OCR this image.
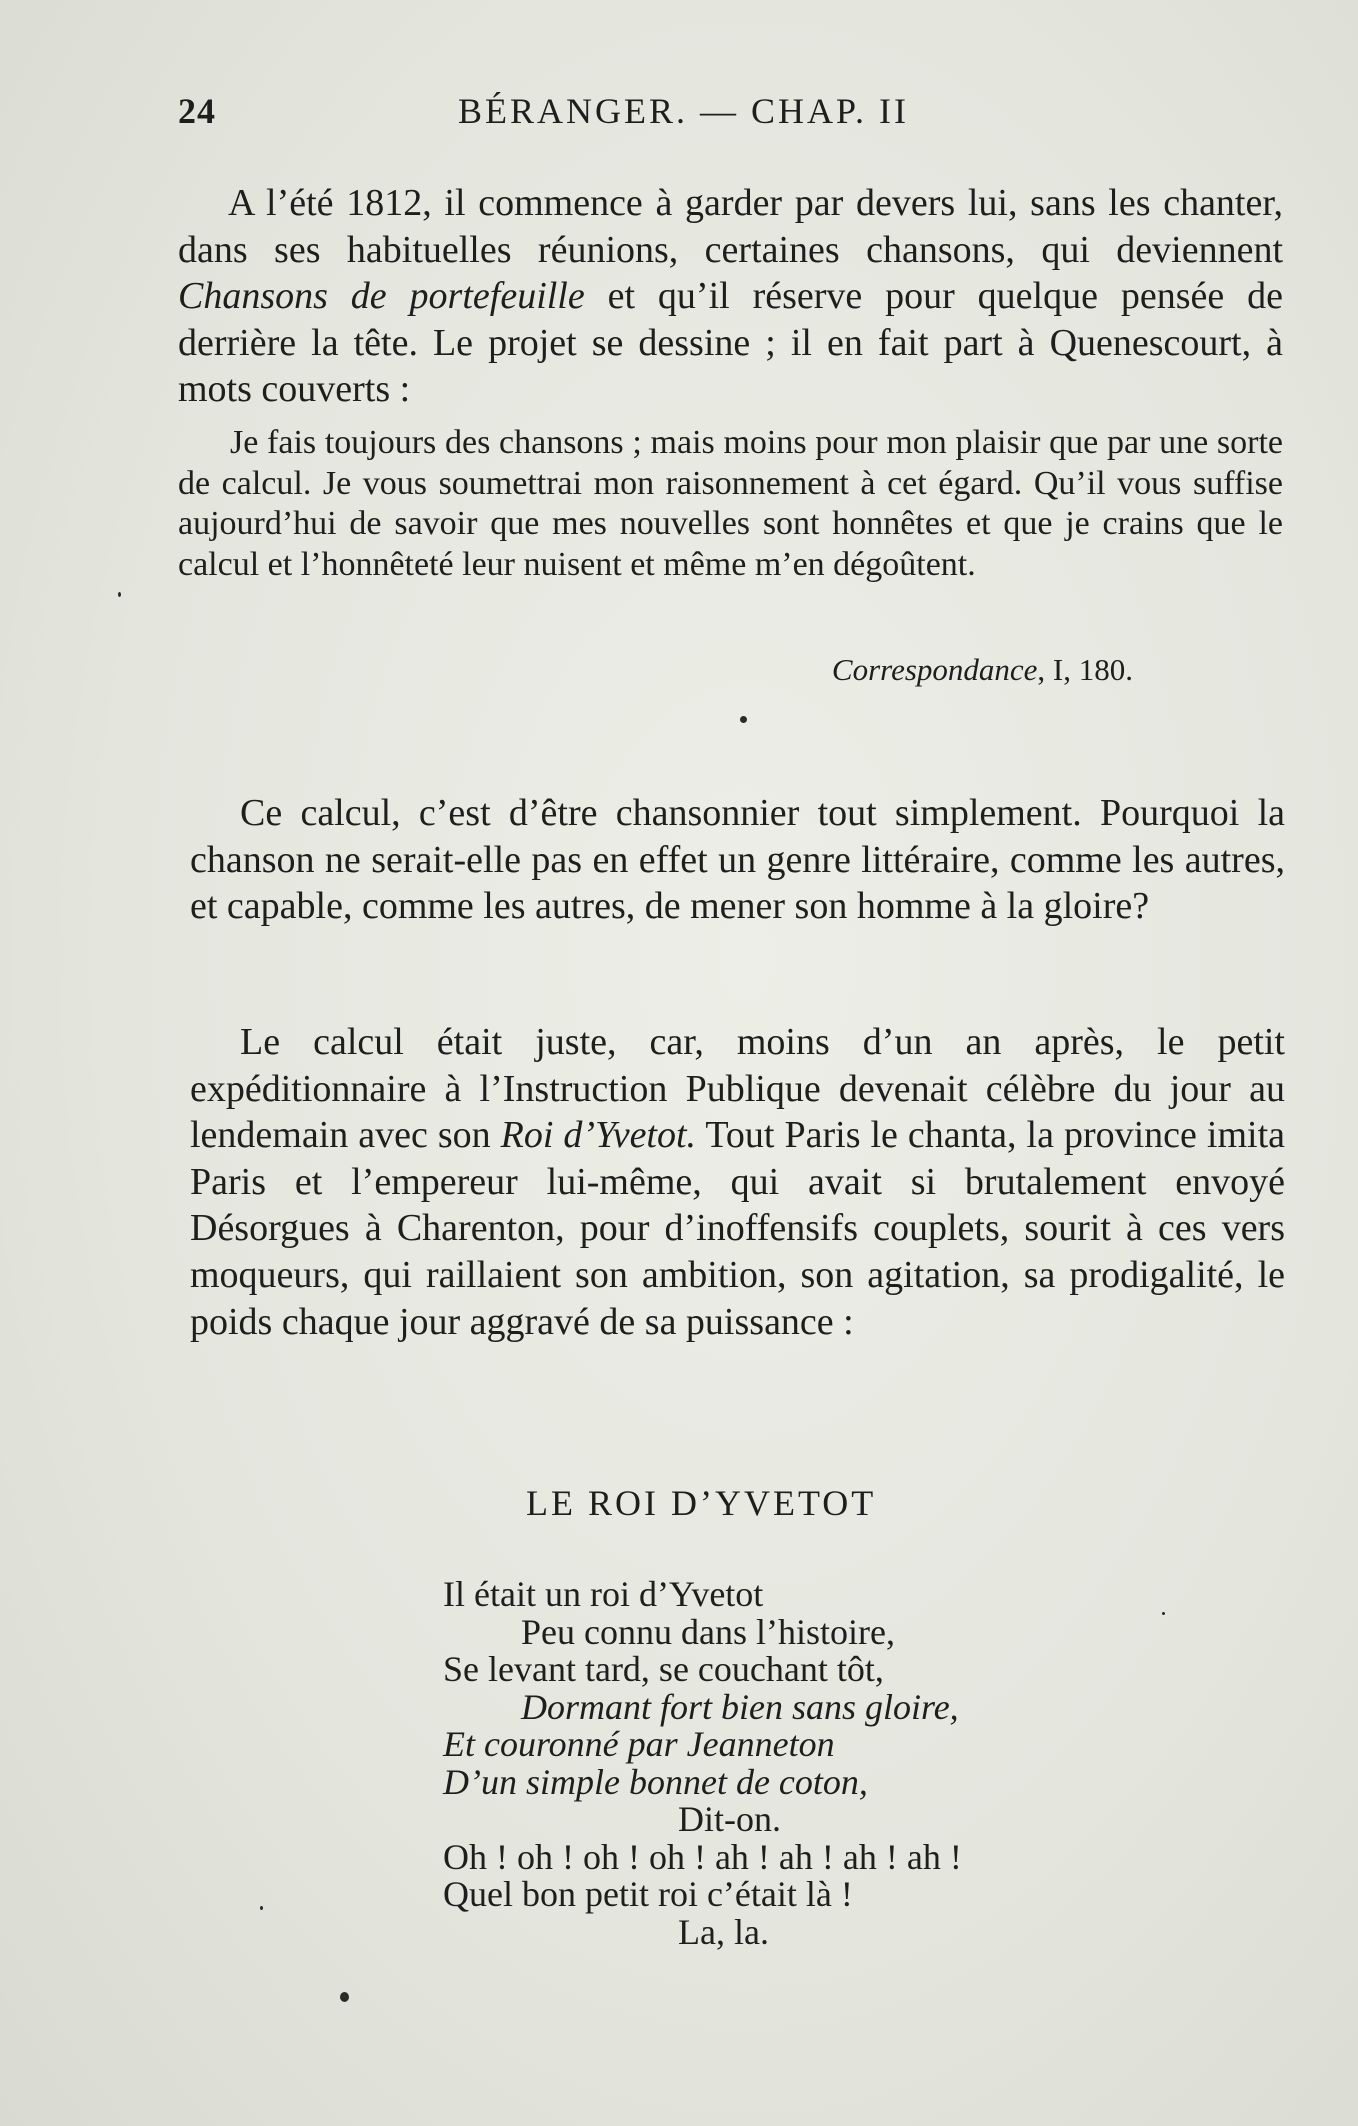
24	BÉRANGER. — CHAP. II

A l’été 1812, il commence à garder par devers lui, sans les chanter, dans ses habituelles réunions, certaines chansons, qui deviennent Chansons de portefeuille et qu’il réserve pour quelque pensée de derrière la tête. Le projet se dessine ; il en fait part à Quenescourt, à mots couverts :

Je fais toujours des chansons ; mais moins pour mon plaisir que par une sorte de calcul. Je vous soumettrai mon raisonnement à cet égard. Qu’il vous suffise aujourd’hui de savoir que mes nouvelles sont honnêtes et que je crains que le calcul et l’honnêteté leur nuisent et même m’en dégoûtent.

Correspondance, I, 180.

Ce calcul, c’est d’être chansonnier tout simplement. Pourquoi la chanson ne serait-elle pas en effet un genre littéraire, comme les autres, et capable, comme les autres, de mener son homme à la gloire?

Le calcul était juste, car, moins d’un an après, le petit expéditionnaire à l’Instruction Publique devenait célèbre du jour au lendemain avec son Roi d’Yvetot. Tout Paris le chanta, la province imita Paris et l’empereur lui-même, qui avait si brutalement envoyé Désorgues à Charenton, pour d’inoffensifs couplets, sourit à ces vers moqueurs, qui raillaient son ambition, son agitation, sa prodigalité, le poids chaque jour aggravé de sa puissance :

LE ROI D’YVETOT
Il était un roi d’Yvetot
Peu connu dans l’histoire,
Se levant tard, se couchant tôt,
Dormant fort bien sans gloire,
Et couronné par Jeanneton
D’un simple bonnet de coton,
Dit-on.
Oh ! oh ! oh ! oh ! ah ! ah ! ah ! ah !
Quel bon petit roi c’était là !
La, la.
